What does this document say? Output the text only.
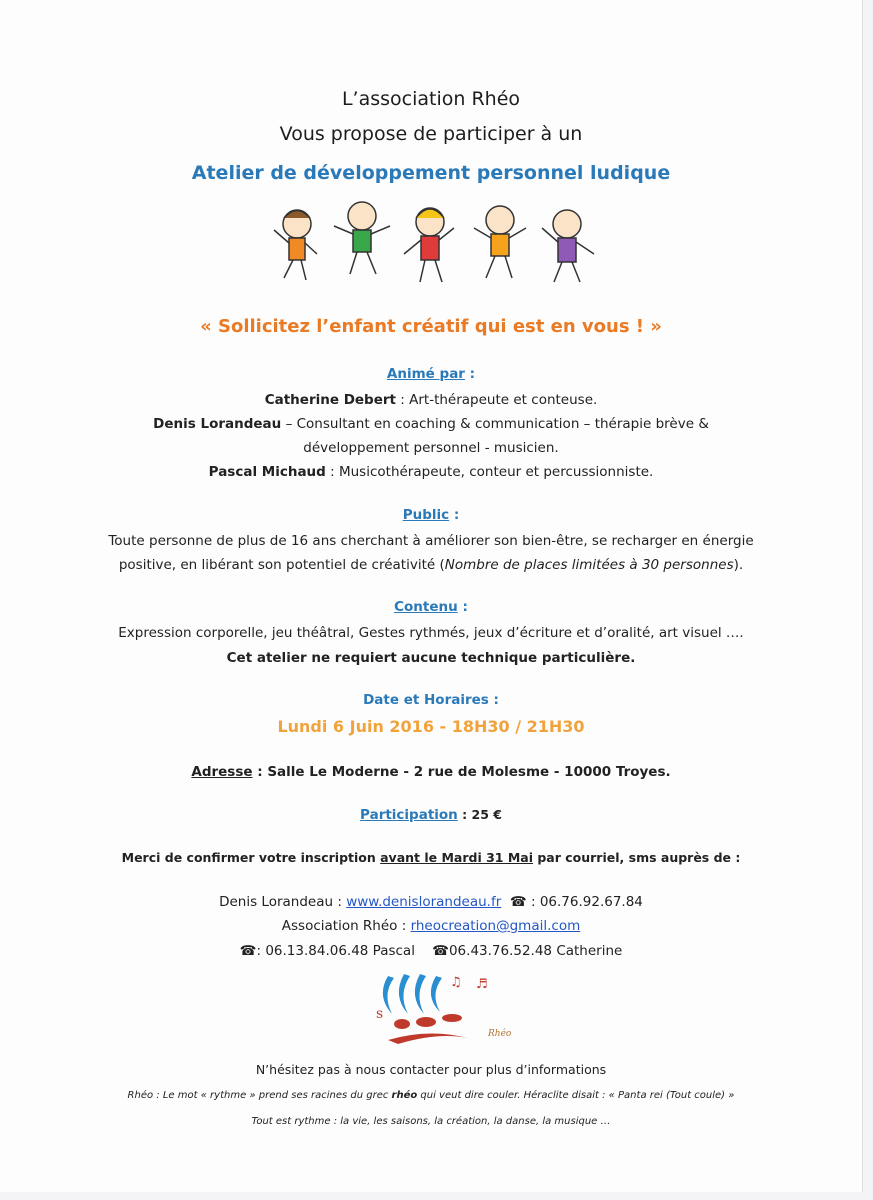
L’association Rhéo
Vous propose de participer à un
Atelier de développement personnel ludique
« Sollicitez l’enfant créatif qui est en vous ! »
Animé par :
Catherine Debert : Art-thérapeute et conteuse.
Denis Lorandeau – Consultant en coaching & communication – thérapie brève &
développement personnel - musicien.
Pascal Michaud : Musicothérapeute, conteur et percussionniste.
Public :
Toute personne de plus de 16 ans cherchant à améliorer son bien-être, se recharger en énergie
positive, en libérant son potentiel de créativité (Nombre de places limitées à 30 personnes).
Contenu :
Expression corporelle, jeu théâtral, Gestes rythmés, jeux d’écriture et d’oralité, art visuel ….
Cet atelier ne requiert aucune technique particulière.
Date et Horaires :
Lundi 6 Juin 2016 - 18H30 / 21H30
Adresse : Salle Le Moderne - 2 rue de Molesme - 10000 Troyes.
Participation : 25 €
Merci de confirmer votre inscription avant le Mardi 31 Mai par courriel, sms auprès de :
Denis Lorandeau : www.denislorandeau.fr ☎ : 06.76.92.67.84
Association Rhéo : rheocreation@gmail.com
☎: 06.13.84.06.48 Pascal ☎06.43.76.52.48 Catherine
s
♫ ♬
Rhéo
N’hésitez pas à nous contacter pour plus d’informations
Rhéo : Le mot « rythme » prend ses racines du grec rhéo qui veut dire couler. Héraclite disait : « Panta rei (Tout coule) »
Tout est rythme : la vie, les saisons, la création, la danse, la musique …
